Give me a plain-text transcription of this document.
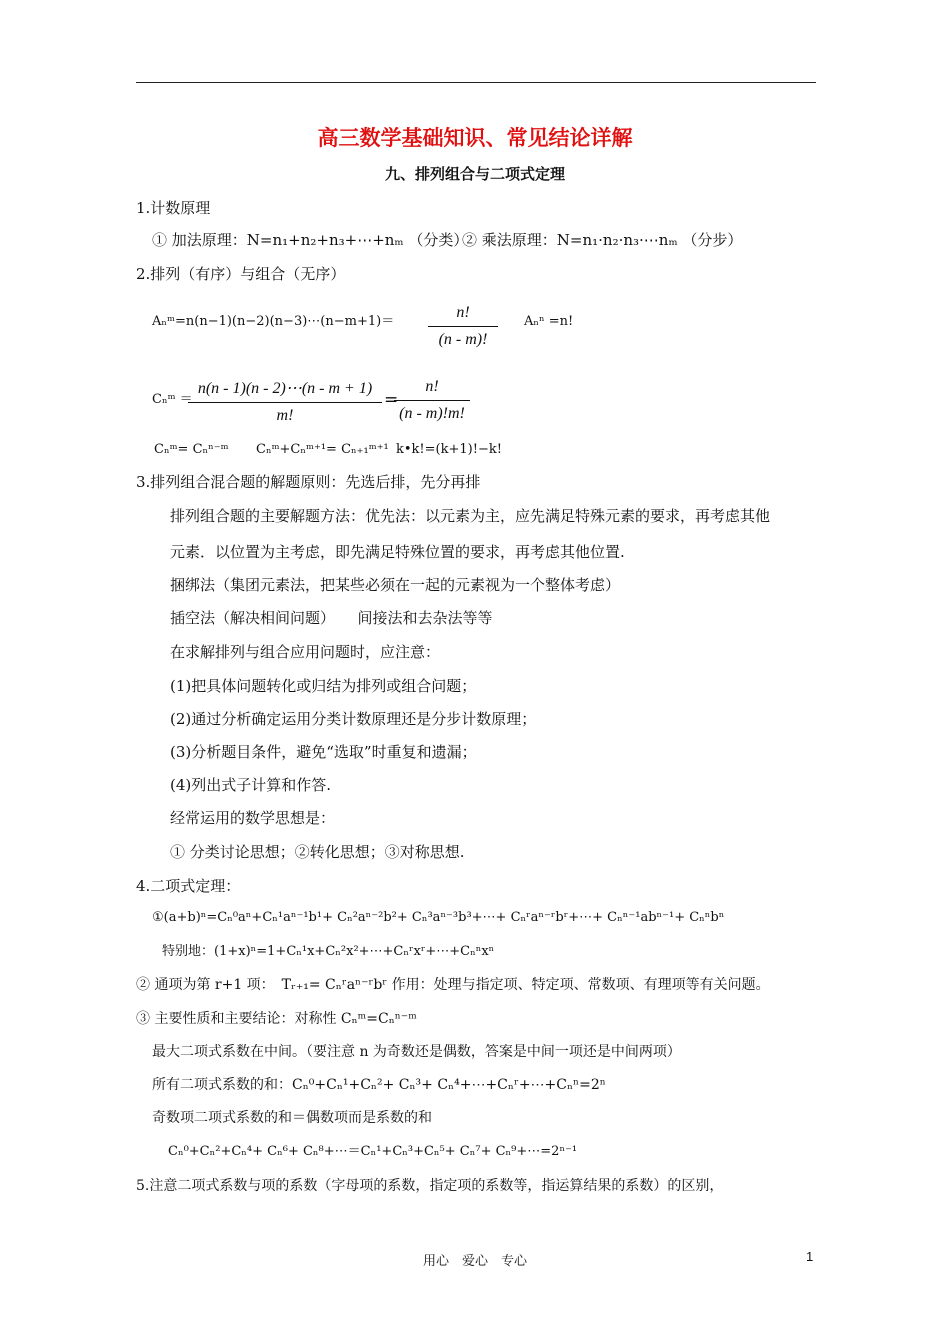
高三数学基础知识、常见结论详解
九、排列组合与二项式定理
1.计数原理
① 加法原理：N=n₁+n₂+n₃+⋯+nₘ （分类）
② 乘法原理：N=n₁·n₂·n₃·⋯nₘ （分步）
2.排列（有序）与组合（无序）
Aₙᵐ=n(n−1)(n−2)(n−3)⋯(n−m+1)＝ $\frac{n!}{(n - m)!}$ Aₙⁿ =n!
Cₙᵐ ＝
$\frac{n(n - 1)(n - 2)\cdots(n - m + 1)}{m!}$ =
$\frac{n!}{(n - m)!m!}$
Cₙᵐ= Cₙⁿ⁻ᵐ Cₙᵐ+Cₙᵐ⁺¹= Cₙ₊₁ᵐ⁺¹ k•k!=(k+1)!−k!
3.排列组合混合题的解题原则：先选后排，先分再排
排列组合题的主要解题方法：优先法：以元素为主，应先满足特殊元素的要求，再考虑其他
元素．以位置为主考虑，即先满足特殊位置的要求，再考虑其他位置.
捆绑法（集团元素法，把某些必须在一起的元素视为一个整体考虑）
插空法（解决相间问题）　　间接法和去杂法等等
在求解排列与组合应用问题时，应注意：
(1)把具体问题转化或归结为排列或组合问题；
(2)通过分析确定运用分类计数原理还是分步计数原理；
(3)分析题目条件，避免“选取”时重复和遗漏；
(4)列出式子计算和作答.
经常运用的数学思想是：
① 分类讨论思想；②转化思想；③对称思想.
4.二项式定理：
①(a+b)ⁿ=Cₙ⁰aⁿ+Cₙ¹aⁿ⁻¹b¹+ Cₙ²aⁿ⁻²b²+ Cₙ³aⁿ⁻³b³+⋯+ Cₙʳaⁿ⁻ʳbʳ+⋯+ Cₙⁿ⁻¹abⁿ⁻¹+ Cₙⁿbⁿ
特别地：(1+x)ⁿ=1+Cₙ¹x+Cₙ²x²+⋯+Cₙʳxʳ+⋯+Cₙⁿxⁿ
② 通项为第 r+1 项：　Tᵣ₊₁= Cₙʳaⁿ⁻ʳbʳ 作用：处理与指定项、特定项、常数项、有理项等有关问题。
③ 主要性质和主要结论：对称性 Cₙᵐ=Cₙⁿ⁻ᵐ
最大二项式系数在中间。（要注意 n 为奇数还是偶数，答案是中间一项还是中间两项）
所有二项式系数的和：Cₙ⁰+Cₙ¹+Cₙ²+ Cₙ³+ Cₙ⁴+⋯+Cₙʳ+⋯+Cₙⁿ=2ⁿ
奇数项二项式系数的和＝偶数项而是系数的和
Cₙ⁰+Cₙ²+Cₙ⁴+ Cₙ⁶+ Cₙ⁸+⋯＝Cₙ¹+Cₙ³+Cₙ⁵+ Cₙ⁷+ Cₙ⁹+⋯=2ⁿ⁻¹
5.注意二项式系数与项的系数（字母项的系数，指定项的系数等，指运算结果的系数）的区别，
用心　爱心　专心	1
